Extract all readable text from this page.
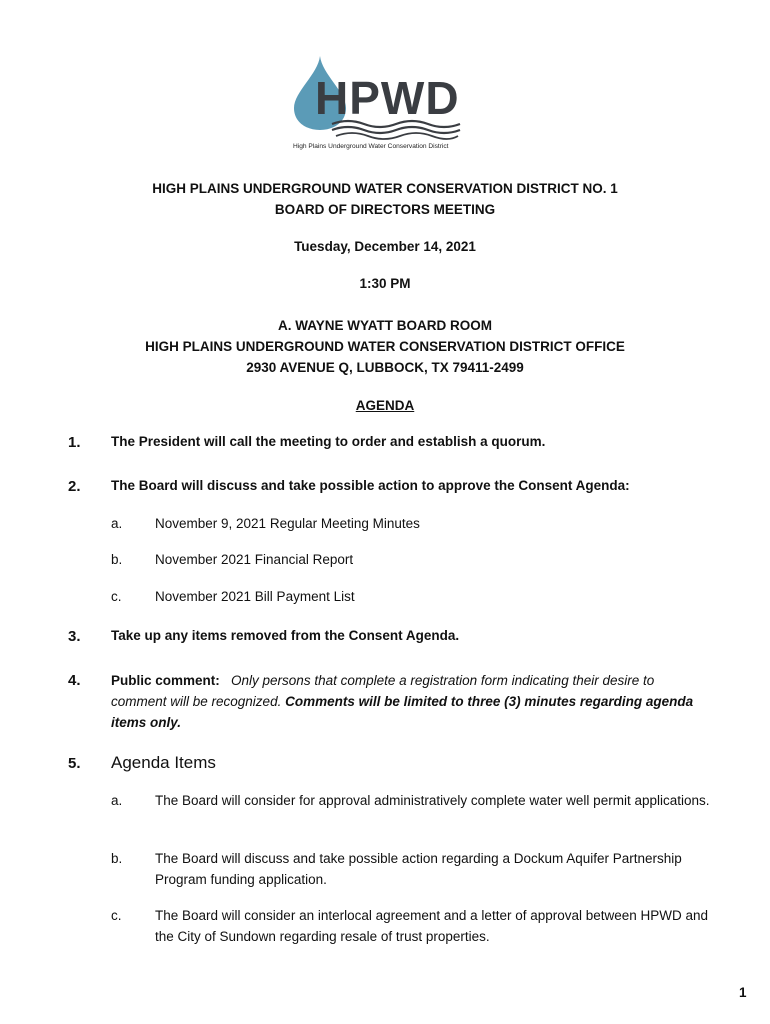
HPWD
High Plains Underground Water Conservation District
HIGH PLAINS UNDERGROUND WATER CONSERVATION DISTRICT NO. 1
BOARD OF DIRECTORS MEETING
Tuesday, December 14, 2021
1:30 PM
A. WAYNE WYATT BOARD ROOM
HIGH PLAINS UNDERGROUND WATER CONSERVATION DISTRICT OFFICE
2930 AVENUE Q, LUBBOCK, TX 79411-2499
AGENDA
1. The President will call the meeting to order and establish a quorum.
2. The Board will discuss and take possible action to approve the Consent Agenda:
a. November 9, 2021 Regular Meeting Minutes
b. November 2021 Financial Report
c. November 2021 Bill Payment List
3. Take up any items removed from the Consent Agenda.
4. Public comment: Only persons that complete a registration form indicating their desire to comment will be recognized. Comments will be limited to three (3) minutes regarding agenda items only.
5. Agenda Items
a. The Board will consider for approval administratively complete water well permit applications.
b. The Board will discuss and take possible action regarding a Dockum Aquifer Partnership Program funding application.
c. The Board will consider an interlocal agreement and a letter of approval between HPWD and the City of Sundown regarding resale of trust properties.
1
